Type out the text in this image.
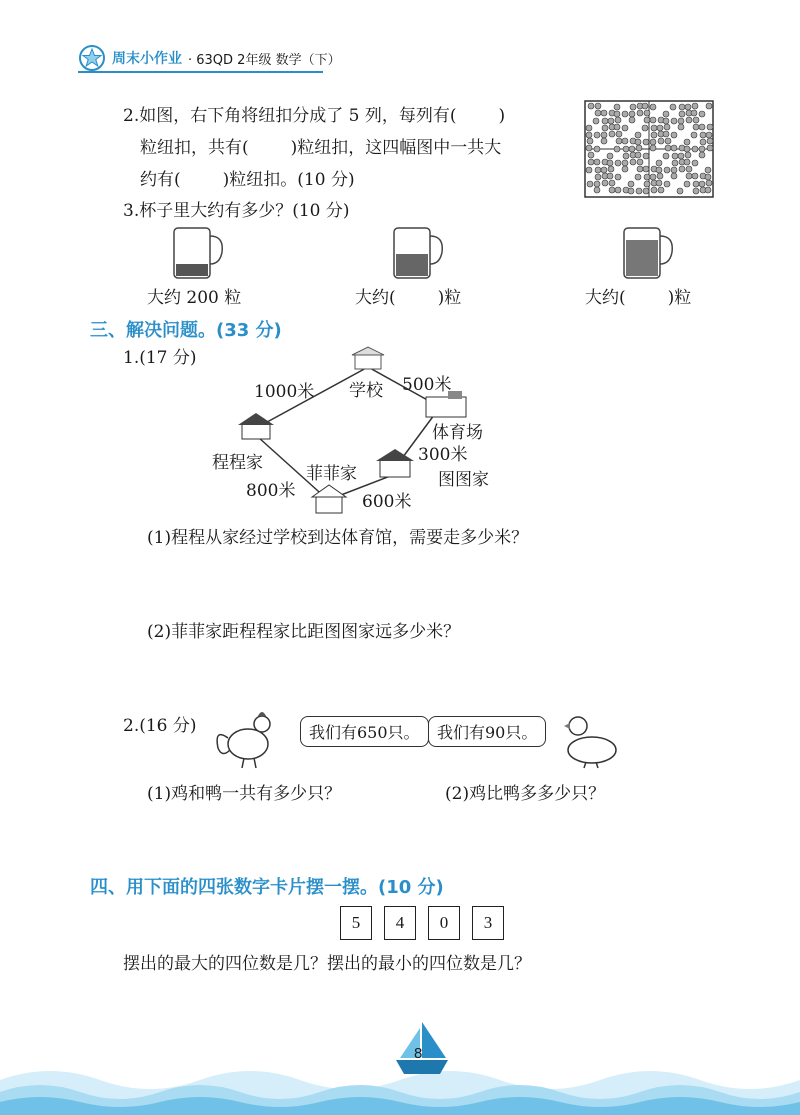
周末小作业 · 63QD 2年级 数学（下）
2.如图，右下角将纽扣分成了 5 列，每列有( )
粒纽扣，共有( )粒纽扣，这四幅图中一共大
约有( )粒纽扣。(10 分)
3.杯子里大约有多少？(10 分)
大约 200 粒	大约( )粒	大约( )粒
三、解决问题。(33 分)
1.(17 分)
学校
1000米	500米
体育场
300米
程程家
菲菲家	图图家
800米
600米
(1)程程从家经过学校到达体育馆，需要走多少米？
(2)菲菲家距程程家比距图图家远多少米？
2.(16 分)	我们有650只。	我们有90只。
(1)鸡和鸭一共有多少只？	(2)鸡比鸭多多少只？
四、用下面的四张数字卡片摆一摆。(10 分)
5	4	0	3
摆出的最大的四位数是几？摆出的最小的四位数是几？
8
